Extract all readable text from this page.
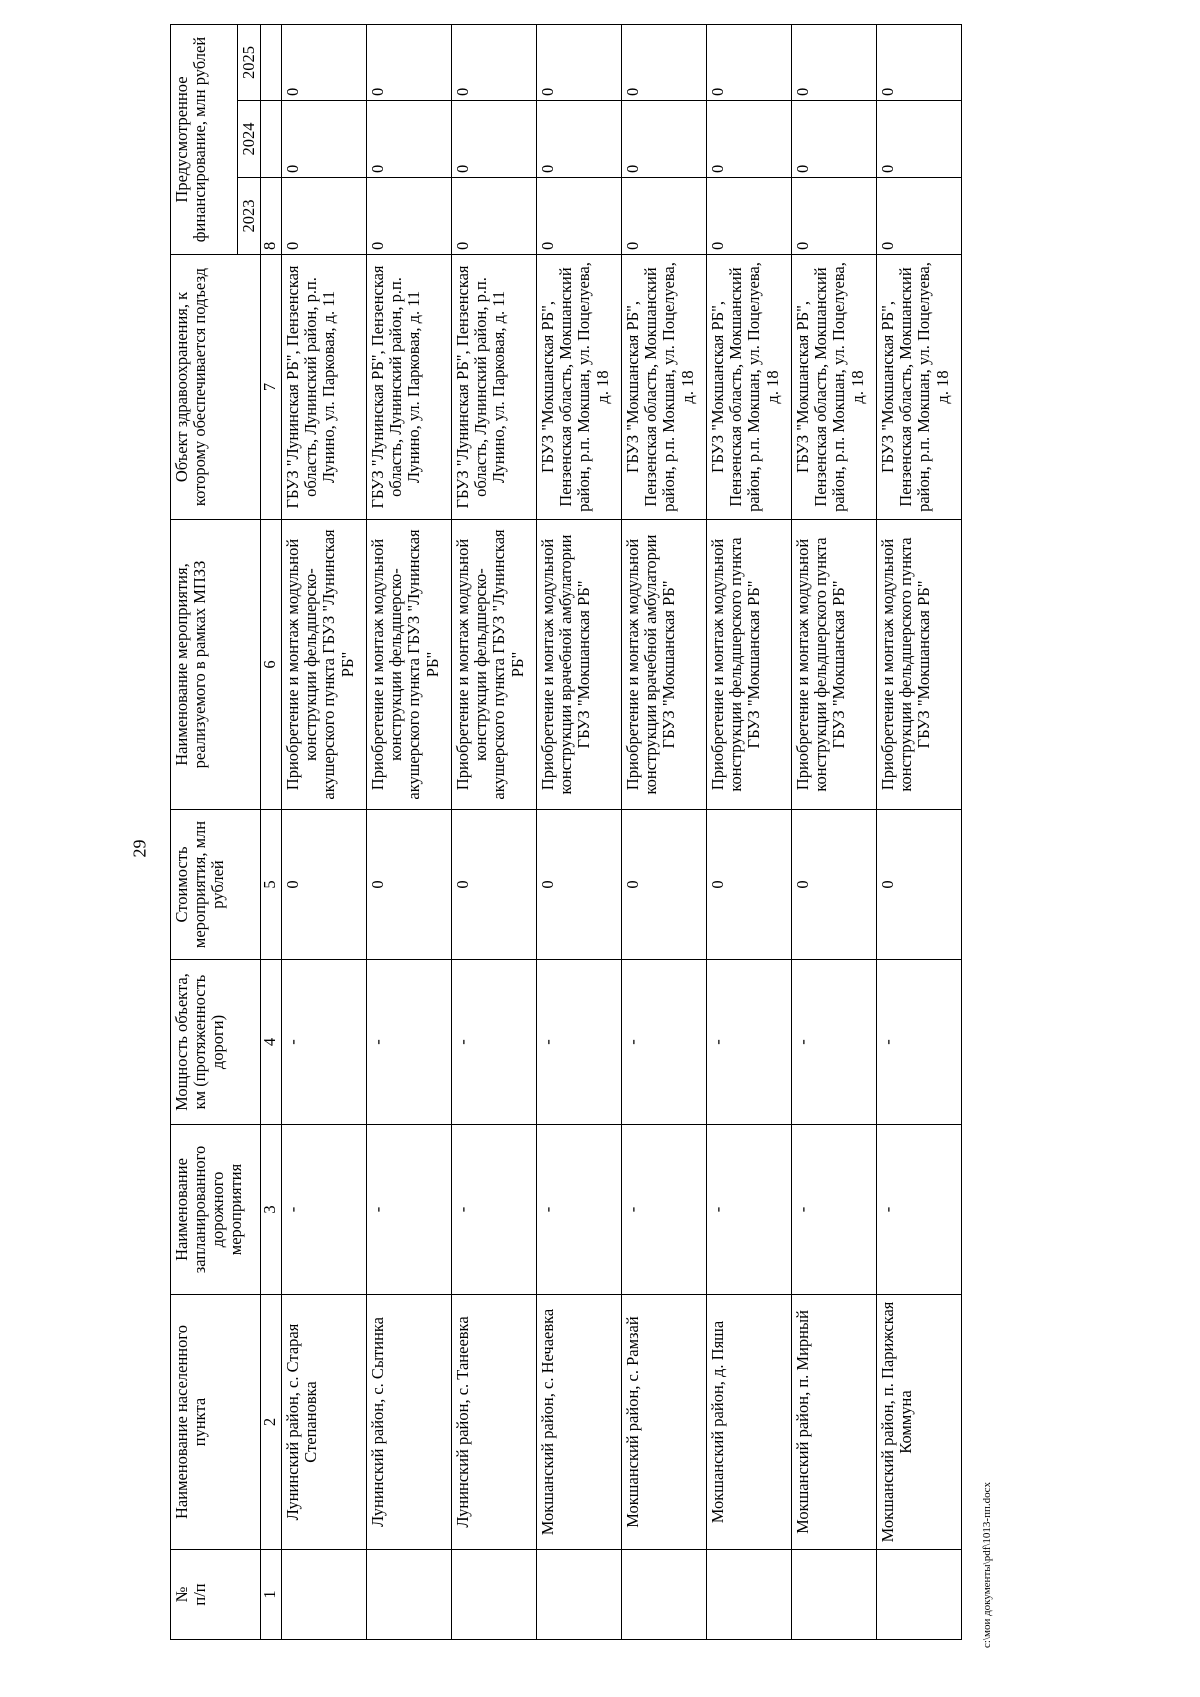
29
c:\мои документы\pdf\1013-пп.docx
№
п/п	Наименование населенного пункта	Наименование запланированного дорожного мероприятия	Мощность объекта, км (протяженность дороги)	Стоимость мероприятия, млн рублей	Наименование мероприятия, реализуемого в рамках МПЗЗ	Объект здравоохранения, к которому обеспечивается подъезд	Предусмотренное финансирование, млн рублей		
							2023	2024	2025
1	2	3	4	5	6	7	8		
	Лунинский район, с. Старая Степановка	-	-	0	Приобретение и монтаж модульной конструкции фельдшерско-акушерского пункта ГБУЗ "Лунинская РБ"	ГБУЗ "Лунинская РБ", Пензенская область, Лунинский район, р.п. Лунино, ул. Парковая, д. 11	0	0	0
	Лунинский район, с. Сытинка	-	-	0	Приобретение и монтаж модульной конструкции фельдшерско-акушерского пункта ГБУЗ "Лунинская РБ"	ГБУЗ "Лунинская РБ", Пензенская область, Лунинский район, р.п. Лунино, ул. Парковая, д. 11	0	0	0
	Лунинский район, с. Танеевка	-	-	0	Приобретение и монтаж модульной конструкции фельдшерско-акушерского пункта ГБУЗ "Лунинская РБ"	ГБУЗ "Лунинская РБ", Пензенская область, Лунинский район, р.п. Лунино, ул. Парковая, д. 11	0	0	0
	Мокшанский район, с. Нечаевка	-	-	0	Приобретение и монтаж модульной конструкции врачебной амбулатории ГБУЗ "Мокшанская РБ"	ГБУЗ "Мокшанская РБ", Пензенская область, Мокшанский район, р.п. Мокшан, ул. Поцелуева, д. 18	0	0	0
	Мокшанский район, с. Рамзай	-	-	0	Приобретение и монтаж модульной конструкции врачебной амбулатории ГБУЗ "Мокшанская РБ"	ГБУЗ "Мокшанская РБ", Пензенская область, Мокшанский район, р.п. Мокшан, ул. Поцелуева, д. 18	0	0	0
	Мокшанский район, д. Пяша	-	-	0	Приобретение и монтаж модульной конструкции фельдшерского пункта ГБУЗ "Мокшанская РБ"	ГБУЗ "Мокшанская РБ", Пензенская область, Мокшанский район, р.п. Мокшан, ул. Поцелуева, д. 18	0	0	0
	Мокшанский район, п. Мирный	-	-	0	Приобретение и монтаж модульной конструкции фельдшерского пункта ГБУЗ "Мокшанская РБ"	ГБУЗ "Мокшанская РБ", Пензенская область, Мокшанский район, р.п. Мокшан, ул. Поцелуева, д. 18	0	0	0
	Мокшанский район, п. Парижская Коммуна	-	-	0	Приобретение и монтаж модульной конструкции фельдшерского пункта ГБУЗ "Мокшанская РБ"	ГБУЗ "Мокшанская РБ", Пензенская область, Мокшанский район, р.п. Мокшан, ул. Поцелуева, д. 18	0	0	0
